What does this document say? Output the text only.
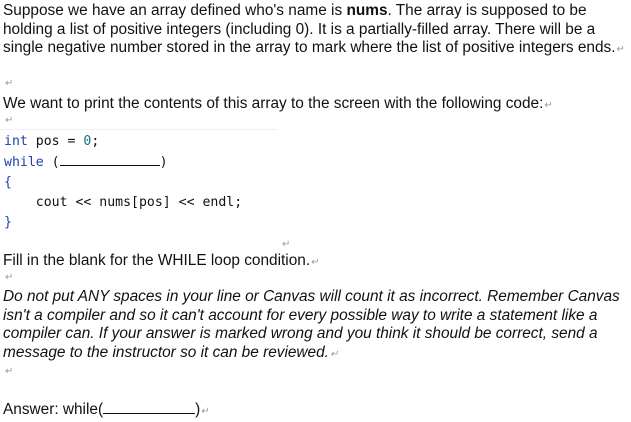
Suppose we have an array defined who's name is nums. The array is supposed to be holding a list of positive integers (including 0). It is a partially-filled array. There will be a single negative number stored in the array to mark where the list of positive integers ends.↵
↵
We want to print the contents of this array to the screen with the following code:↵
↵
int pos = 0;
while (	)
{
cout << nums[pos] << endl;
}
↵
Fill in the blank for the WHILE loop condition.↵
↵
Do not put ANY spaces in your line or Canvas will count it as incorrect. Remember Canvas isn't a compiler and so it can't account for every possible way to write a statement like a compiler can. If your answer is marked wrong and you think it should be correct, send a message to the instructor so it can be reviewed.↵
↵
Answer: while(	)↵
